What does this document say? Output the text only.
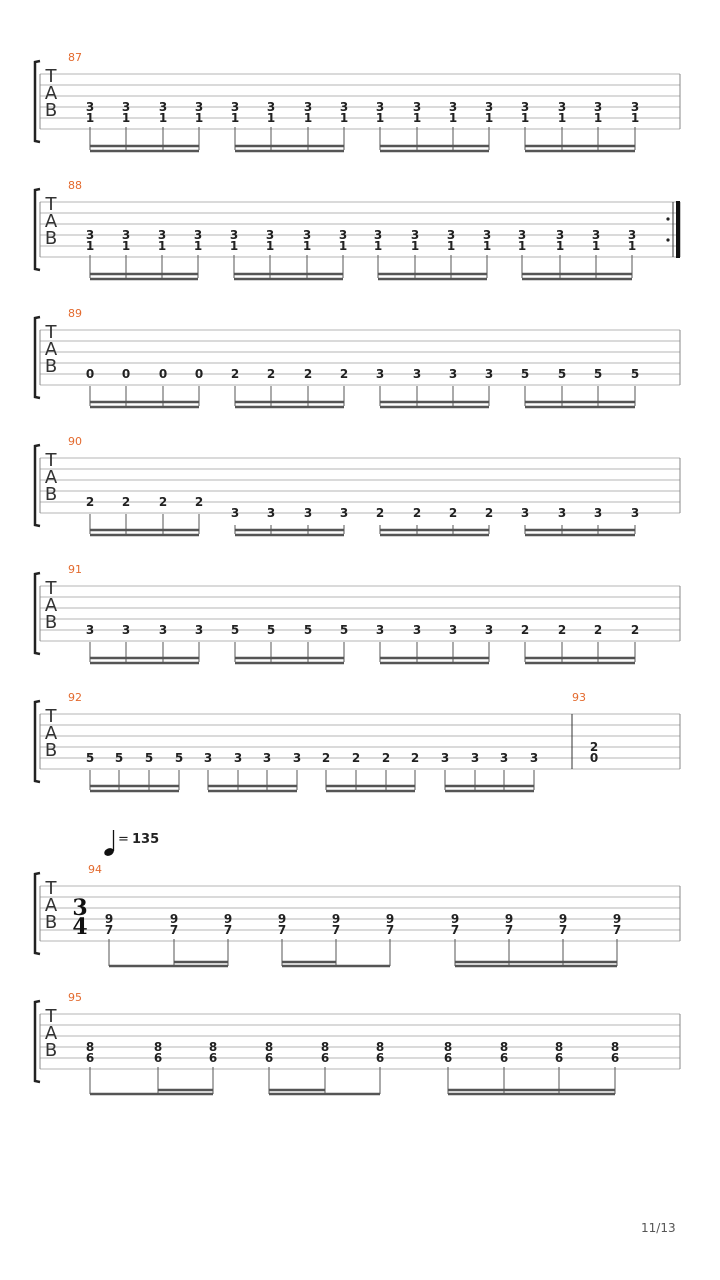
T
A
B
87
3
1
3
1
3
1
3
1
3
1
3
1
3
1
3
1
3
1
3
1
3
1
3
1
3
1
3
1
3
1
3
1
T
A
B
88
3
1
3
1
3
1
3
1
3
1
3
1
3
1
3
1
3
1
3
1
3
1
3
1
3
1
3
1
3
1
3
1
T
A
B
89
0 0 0 0 2 2 2 2 3 3 3 3 5 5 5 5
T
A
B
90
2 2 2 2
3 3 3 3 2 2 2 2 3 3 3 3
T
A
B
91
3 3 3 3 5 5 5 5 3 3 3 3 2 2 2 2
T
A
B
92
5 5 5 5 3 3 3 3 2 2 2 2 3 3 3 3
93
2
0
T
A
B
94
9
7
9
7
9
7
9
7
9
7
9
7
9
7
9
7
9
7
9
7
3
4
T
A
B
95
8
6
8
6
8
6
8
6
8
6
8
6
8
6
8
6
8
6
8
6
= 135
11/13
